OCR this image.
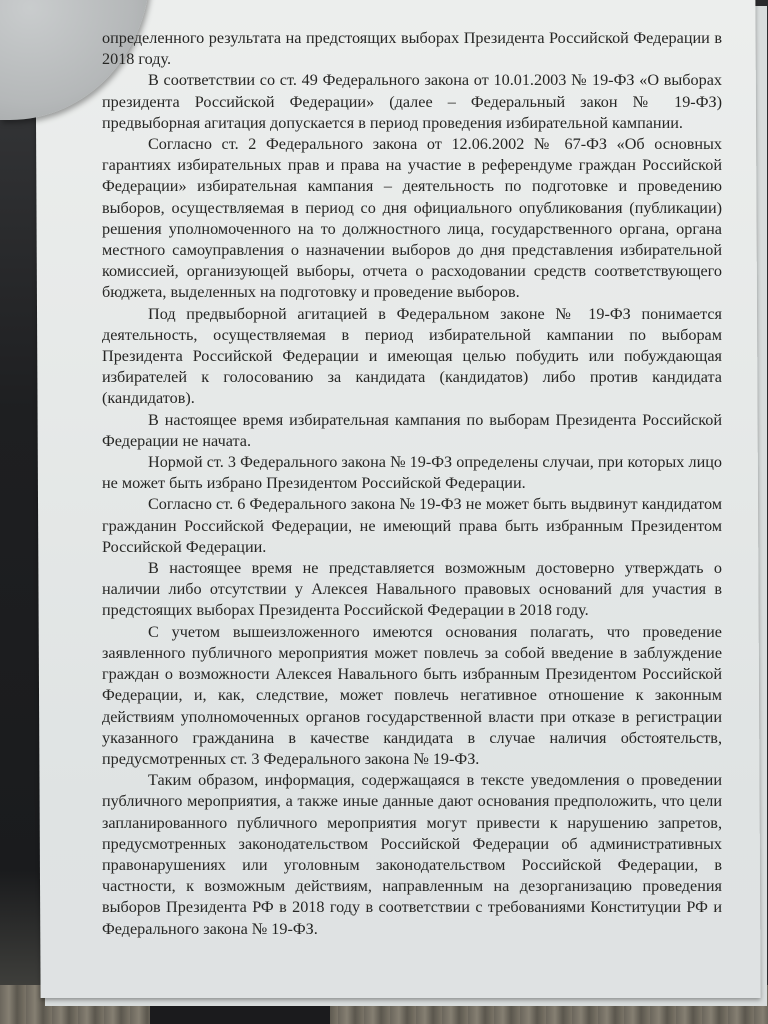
определенного результата на предстоящих выборах Президента Российской Федерации в 2018 году.

В соответствии со ст. 49 Федерального закона от 10.01.2003 № 19-ФЗ «О выборах президента Российской Федерации» (далее – Федеральный закон № 19-ФЗ) предвыборная агитация допускается в период проведения избирательной кампании.

Согласно ст. 2 Федерального закона от 12.06.2002 № 67-ФЗ «Об основных гарантиях избирательных прав и права на участие в референдуме граждан Российской Федерации» избирательная кампания – деятельность по подготовке и проведению выборов, осуществляемая в период со дня официального опубликования (публикации) решения уполномоченного на то должностного лица, государственного органа, органа местного самоуправления о назначении выборов до дня представления избирательной комиссией, организующей выборы, отчета о расходовании средств соответствующего бюджета, выделенных на подготовку и проведение выборов.

Под предвыборной агитацией в Федеральном законе № 19-ФЗ понимается деятельность, осуществляемая в период избирательной кампании по выборам Президента Российской Федерации и имеющая целью побудить или побуждающая избирателей к голосованию за кандидата (кандидатов) либо против кандидата (кандидатов).

В настоящее время избирательная кампания по выборам Президента Российской Федерации не начата.

Нормой ст. 3 Федерального закона № 19-ФЗ определены случаи, при которых лицо не может быть избрано Президентом Российской Федерации.

Согласно ст. 6 Федерального закона № 19-ФЗ не может быть выдвинут кандидатом гражданин Российской Федерации, не имеющий права быть избранным Президентом Российской Федерации.

В настоящее время не представляется возможным достоверно утверждать о наличии либо отсутствии у Алексея Навального правовых оснований для участия в предстоящих выборах Президента Российской Федерации в 2018 году.

С учетом вышеизложенного имеются основания полагать, что проведение заявленного публичного мероприятия может повлечь за собой введение в заблуждение граждан о возможности Алексея Навального быть избранным Президентом Российской Федерации, и, как, следствие, может повлечь негативное отношение к законным действиям уполномоченных органов государственной власти при отказе в регистрации указанного гражданина в качестве кандидата в случае наличия обстоятельств, предусмотренных ст. 3 Федерального закона № 19-ФЗ.

Таким образом, информация, содержащаяся в тексте уведомления о проведении публичного мероприятия, а также иные данные дают основания предположить, что цели запланированного публичного мероприятия могут привести к нарушению запретов, предусмотренных законодательством Российской Федерации об административных правонарушениях или уголовным законодательством Российской Федерации, в частности, к возможным действиям, направленным на дезорганизацию проведения выборов Президента РФ в 2018 году в соответствии с требованиями Конституции РФ и Федерального закона № 19-ФЗ.
